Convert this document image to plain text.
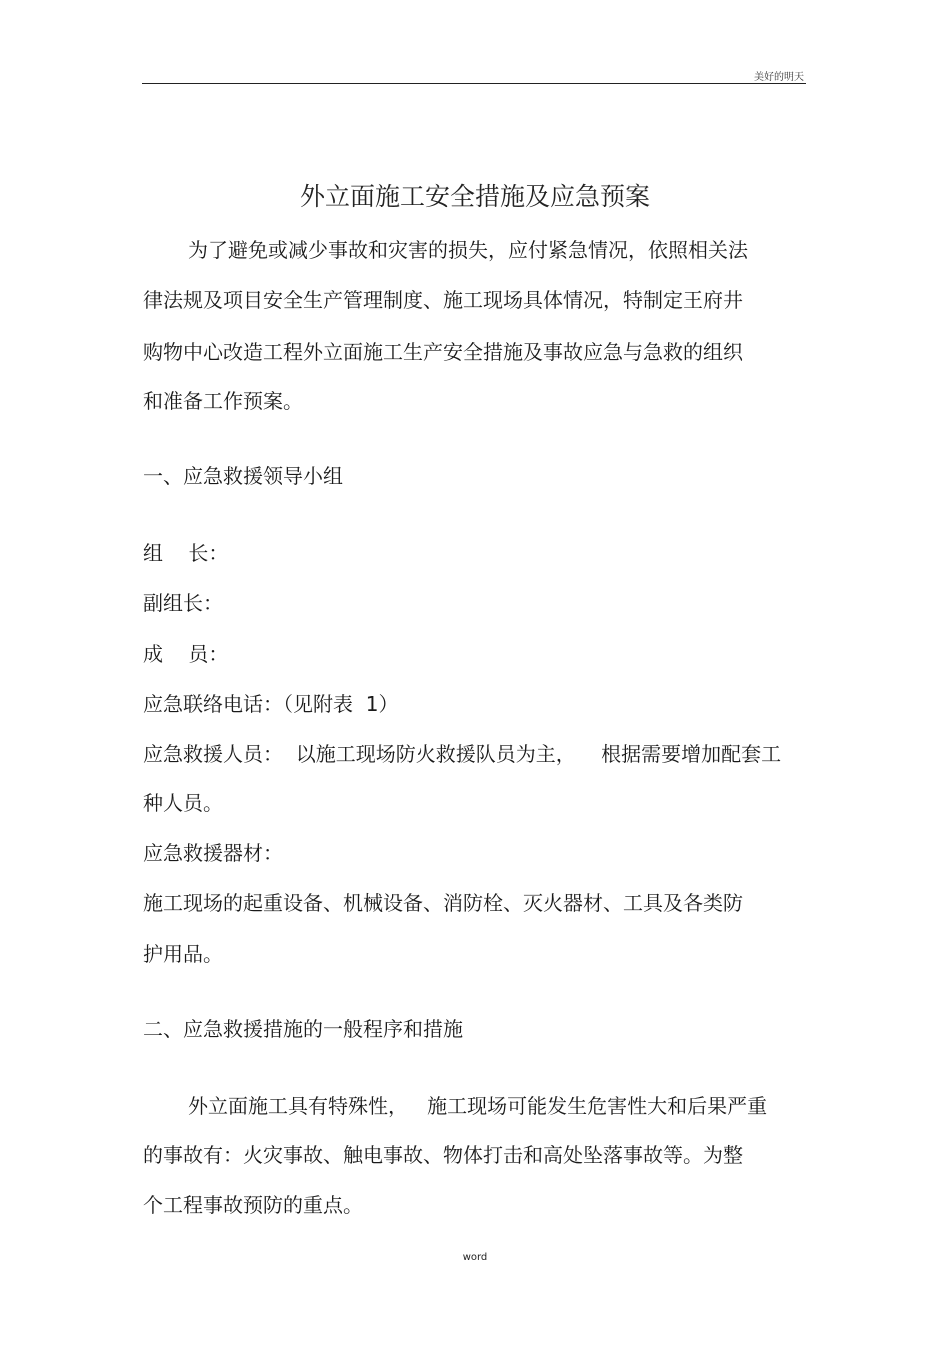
美好的明天
外立面施工安全措施及应急预案
为了避免或减少事故和灾害的损失，应付紧急情况，依照相关法
律法规及项目安全生产管理制度、施工现场具体情况，特制定王府井
购物中心改造工程外立面施工生产安全措施及事故应急与急救的组织
和准备工作预案。
一、应急救援领导小组
组    长：
副组长：
成    员：
应急联络电话：（见附表  1）
应急救援人员：  以施工现场防火救援队员为主，    根据需要增加配套工
种人员。
应急救援器材：
施工现场的起重设备、机械设备、消防栓、灭火器材、工具及各类防
护用品。
二、应急救援措施的一般程序和措施
外立面施工具有特殊性，   施工现场可能发生危害性大和后果严重
的事故有：火灾事故、触电事故、物体打击和高处坠落事故等。为整
个工程事故预防的重点。
word
